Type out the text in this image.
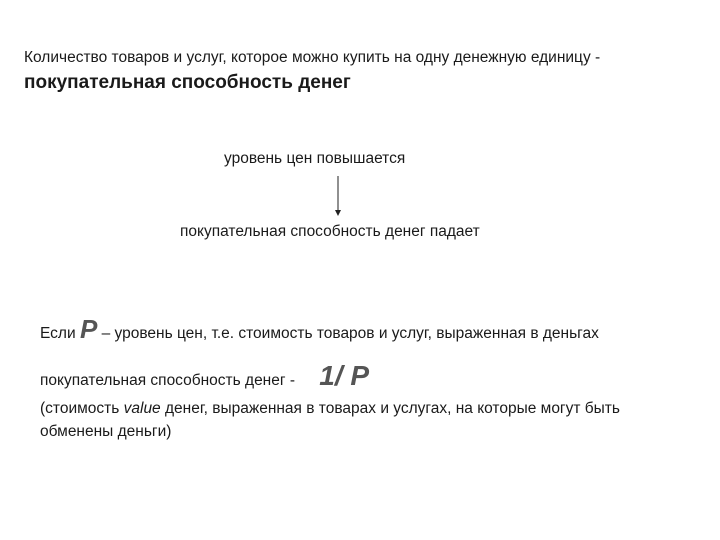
Количество товаров и услуг, которое можно купить на одну денежную единицу - покупательная способность денег
уровень цен повышается
покупательная способность денег падает

Если P – уровень цен, т.е. стоимость товаров и услуг, выраженная в деньгах

покупательная способность денег - 1/ P

(стоимость value денег, выраженная в товарах и услугах, на которые могут быть обменены деньги)
